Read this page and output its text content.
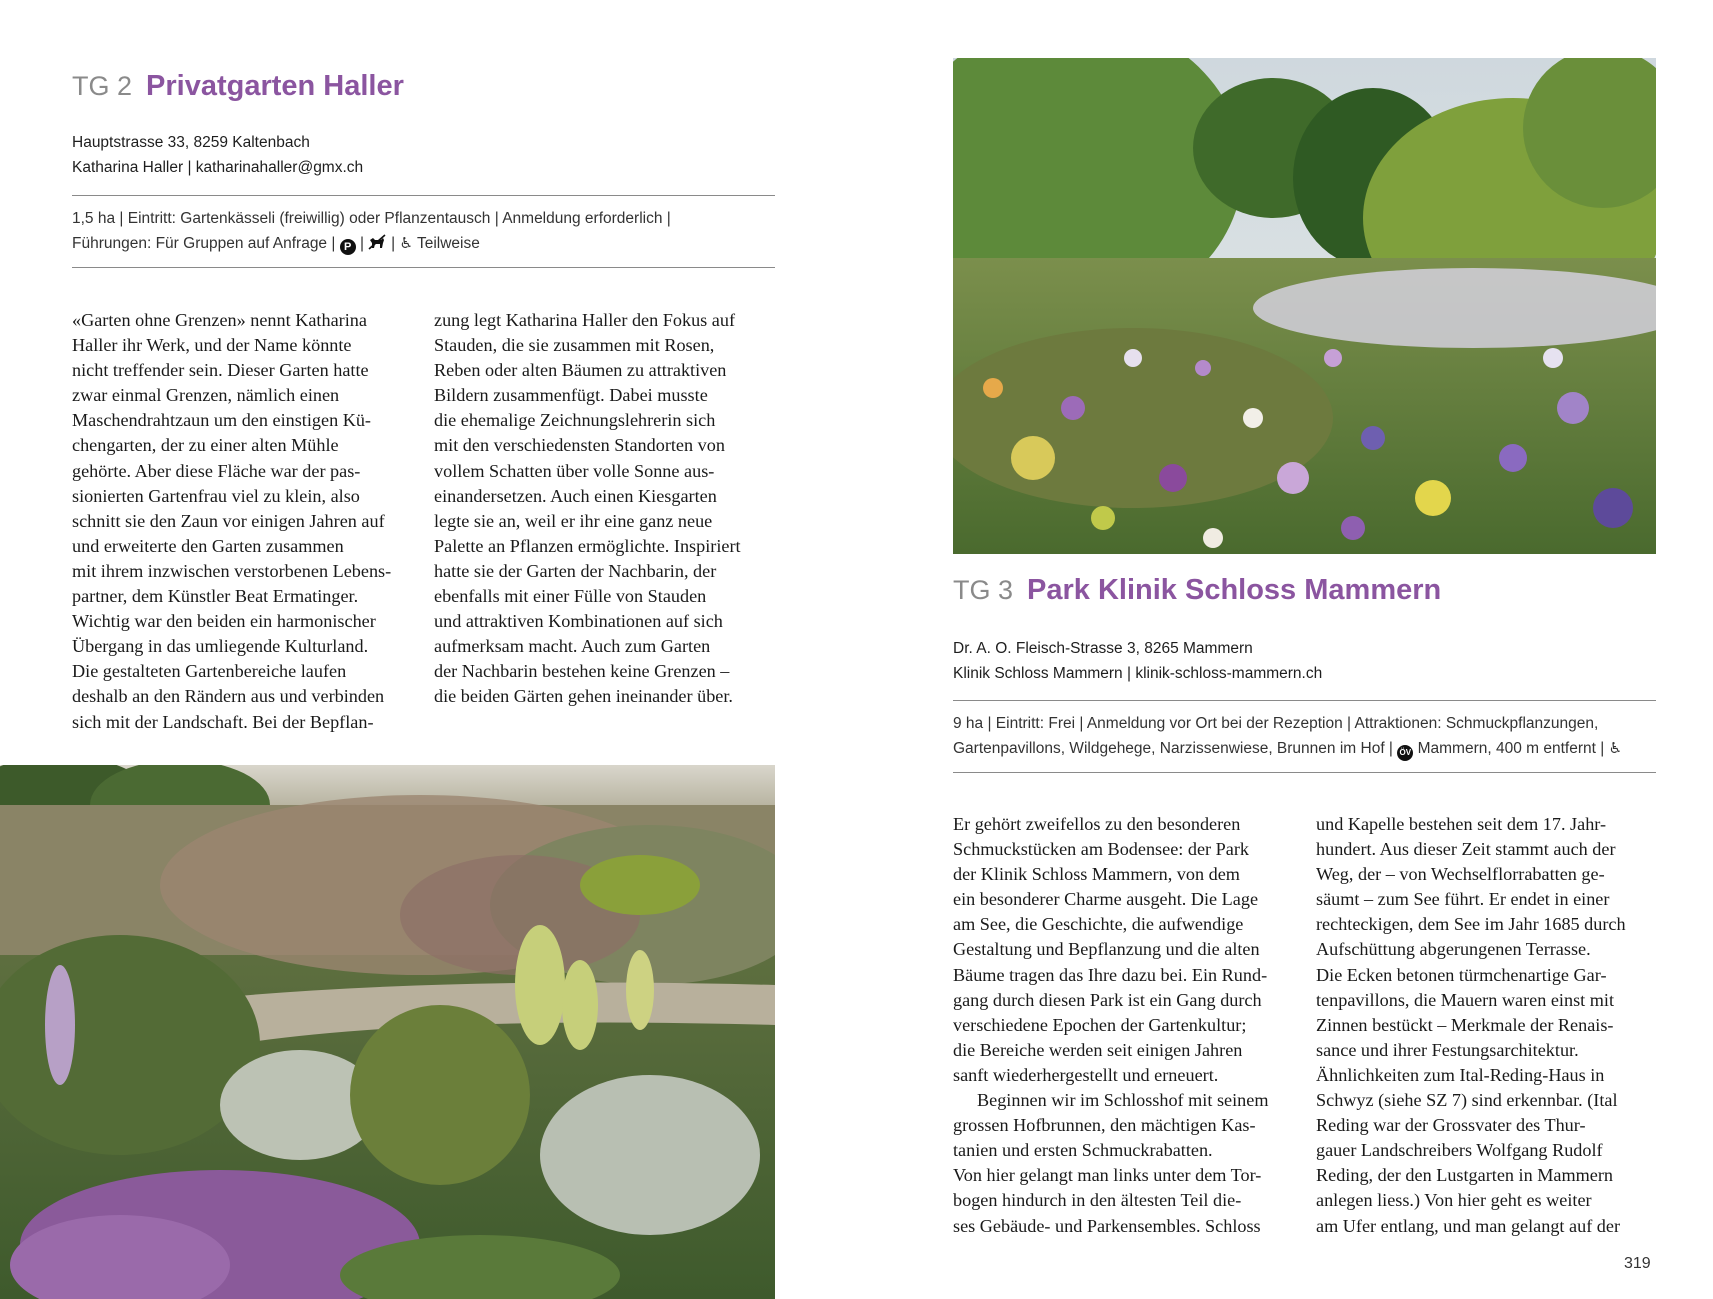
TG 2 Privatgarten Haller
Hauptstrasse 33, 8259 Kaltenbach
Katharina Haller | katharinahaller@gmx.ch
1,5 ha | Eintritt: Gartenkässeli (freiwillig) oder Pflanzentausch | Anmeldung erforderlich |
Führungen: Für Gruppen auf Anfrage | P |  | ♿ Teilweise
«Garten ohne Grenzen» nennt Katharina
Haller ihr Werk, und der Name könnte
nicht treffender sein. Dieser Garten hatte
zwar einmal Grenzen, nämlich einen
Maschendrahtzaun um den einstigen Kü-
chengarten, der zu einer alten Mühle
gehörte. Aber diese Fläche war der pas-
sionierten Gartenfrau viel zu klein, also
schnitt sie den Zaun vor einigen Jahren auf
und erweiterte den Garten zusammen
mit ihrem inzwischen verstorbenen Lebens-
partner, dem Künstler Beat Ermatinger.
Wichtig war den beiden ein harmonischer
Übergang in das umliegende Kulturland.
Die gestalteten Gartenbereiche laufen
deshalb an den Rändern aus und verbinden
sich mit der Landschaft. Bei der Bepflan-
zung legt Katharina Haller den Fokus auf
Stauden, die sie zusammen mit Rosen,
Reben oder alten Bäumen zu attraktiven
Bildern zusammenfügt. Dabei musste
die ehemalige Zeichnungslehrerin sich
mit den verschiedensten Standorten von
vollem Schatten über volle Sonne aus-
einandersetzen. Auch einen Kiesgarten
legte sie an, weil er ihr eine ganz neue
Palette an Pflanzen ermöglichte. Inspiriert
hatte sie der Garten der Nachbarin, der
ebenfalls mit einer Fülle von Stauden
und attraktiven Kombinationen auf sich
aufmerksam macht. Auch zum Garten
der Nachbarin bestehen keine Grenzen –
die beiden Gärten gehen ineinander über.
TG 3 Park Klinik Schloss Mammern
Dr. A. O. Fleisch-Strasse 3, 8265 Mammern
Klinik Schloss Mammern | klinik-schloss-mammern.ch
9 ha | Eintritt: Frei | Anmeldung vor Ort bei der Rezeption | Attraktionen: Schmuckpflanzungen,
Gartenpavillons, Wildgehege, Narzissenwiese, Brunnen im Hof | ÖV Mammern, 400 m entfernt | ♿
Er gehört zweifellos zu den besonderen
Schmuckstücken am Bodensee: der Park
der Klinik Schloss Mammern, von dem
ein besonderer Charme ausgeht. Die Lage
am See, die Geschichte, die aufwendige
Gestaltung und Bepflanzung und die alten
Bäume tragen das Ihre dazu bei. Ein Rund-
gang durch diesen Park ist ein Gang durch
verschiedene Epochen der Gartenkultur;
die Bereiche werden seit einigen Jahren
sanft wiederhergestellt und erneuert.
Beginnen wir im Schlosshof mit seinem
grossen Hofbrunnen, den mächtigen Kas-
tanien und ersten Schmuckrabatten.
Von hier gelangt man links unter dem Tor-
bogen hindurch in den ältesten Teil die-
ses Gebäude- und Parkensembles. Schloss
und Kapelle bestehen seit dem 17. Jahr-
hundert. Aus dieser Zeit stammt auch der
Weg, der – von Wechselflorrabatten ge-
säumt – zum See führt. Er endet in einer
rechteckigen, dem See im Jahr 1685 durch
Aufschüttung abgerungenen Terrasse.
Die Ecken betonen türmchenartige Gar-
tenpavillons, die Mauern waren einst mit
Zinnen bestückt – Merkmale der Renais-
sance und ihrer Festungsarchitektur.
Ähnlichkeiten zum Ital-Reding-Haus in
Schwyz (siehe SZ 7) sind erkennbar. (Ital
Reding war der Grossvater des Thur-
gauer Landschreibers Wolfgang Rudolf
Reding, der den Lustgarten in Mammern
anlegen liess.) Von hier geht es weiter
am Ufer entlang, und man gelangt auf der
319
